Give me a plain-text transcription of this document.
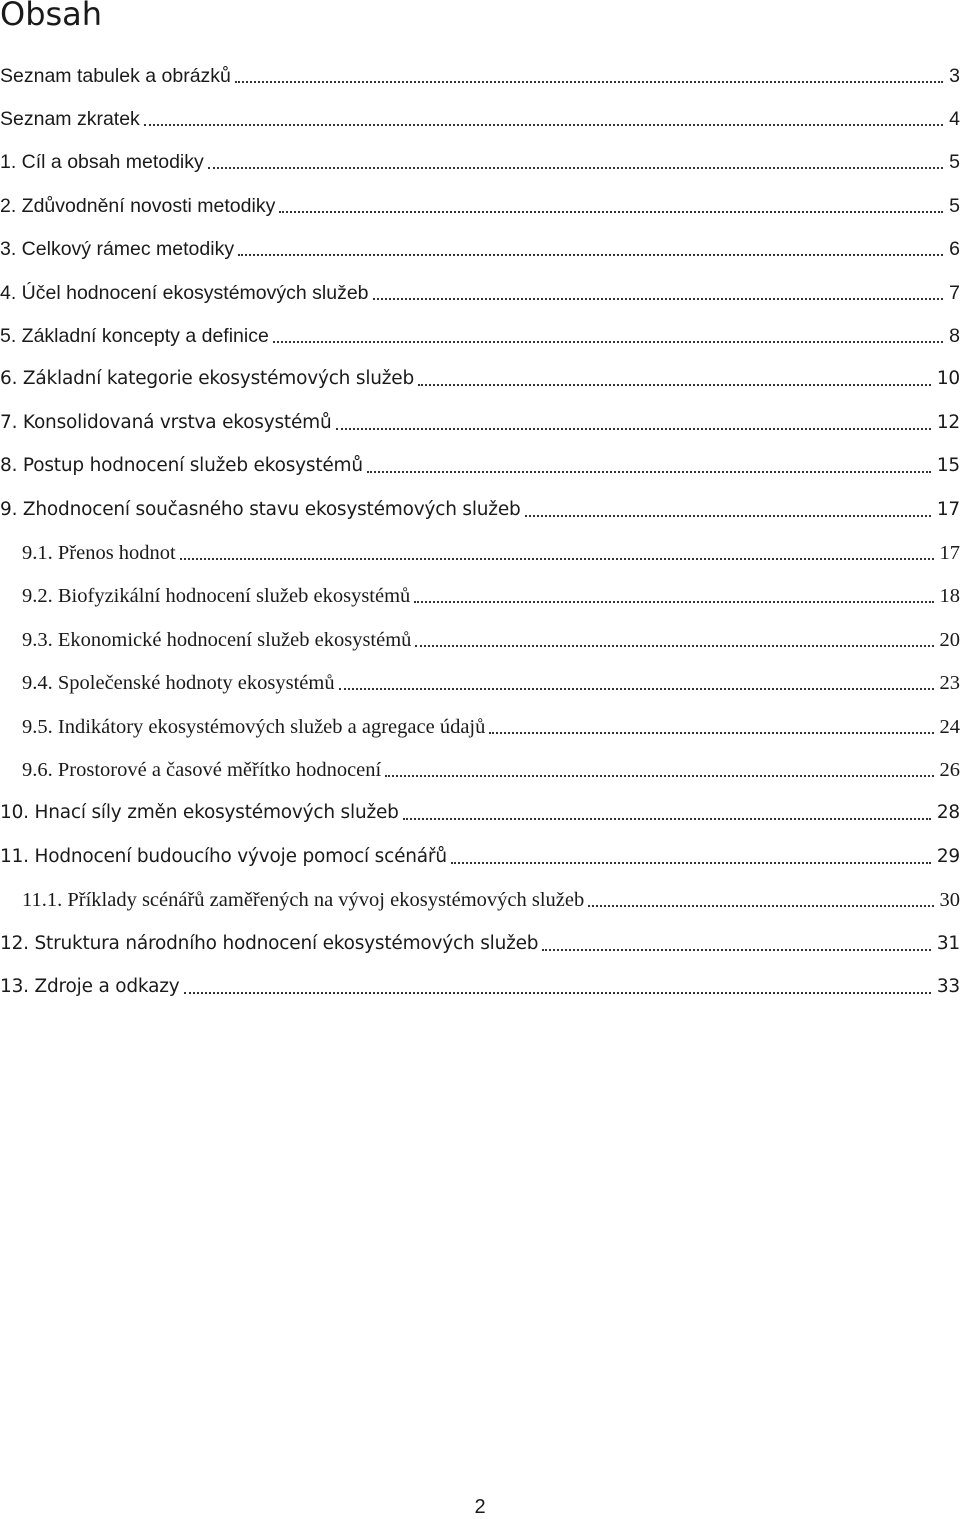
Obsah
Seznam tabulek a obrázků	3
Seznam zkratek	4
1. Cíl a obsah metodiky	5
2. Zdůvodnění novosti metodiky	5
3. Celkový rámec metodiky	6
4. Účel hodnocení ekosystémových služeb	7
5. Základní koncepty a definice	8
6. Základní kategorie ekosystémových služeb	10
7. Konsolidovaná vrstva ekosystémů	12
8. Postup hodnocení služeb ekosystémů	15
9. Zhodnocení současného stavu ekosystémových služeb	17
9.1. Přenos hodnot	17
9.2. Biofyzikální hodnocení služeb ekosystémů	18
9.3. Ekonomické hodnocení služeb ekosystémů	20
9.4. Společenské hodnoty ekosystémů	23
9.5. Indikátory ekosystémových služeb a agregace údajů	24
9.6. Prostorové a časové měřítko hodnocení	26
10. Hnací síly změn ekosystémových služeb	28
11. Hodnocení budoucího vývoje pomocí scénářů	29
11.1. Příklady scénářů zaměřených na vývoj ekosystémových služeb	30
12. Struktura národního hodnocení ekosystémových služeb	31
13. Zdroje a odkazy	33
2
